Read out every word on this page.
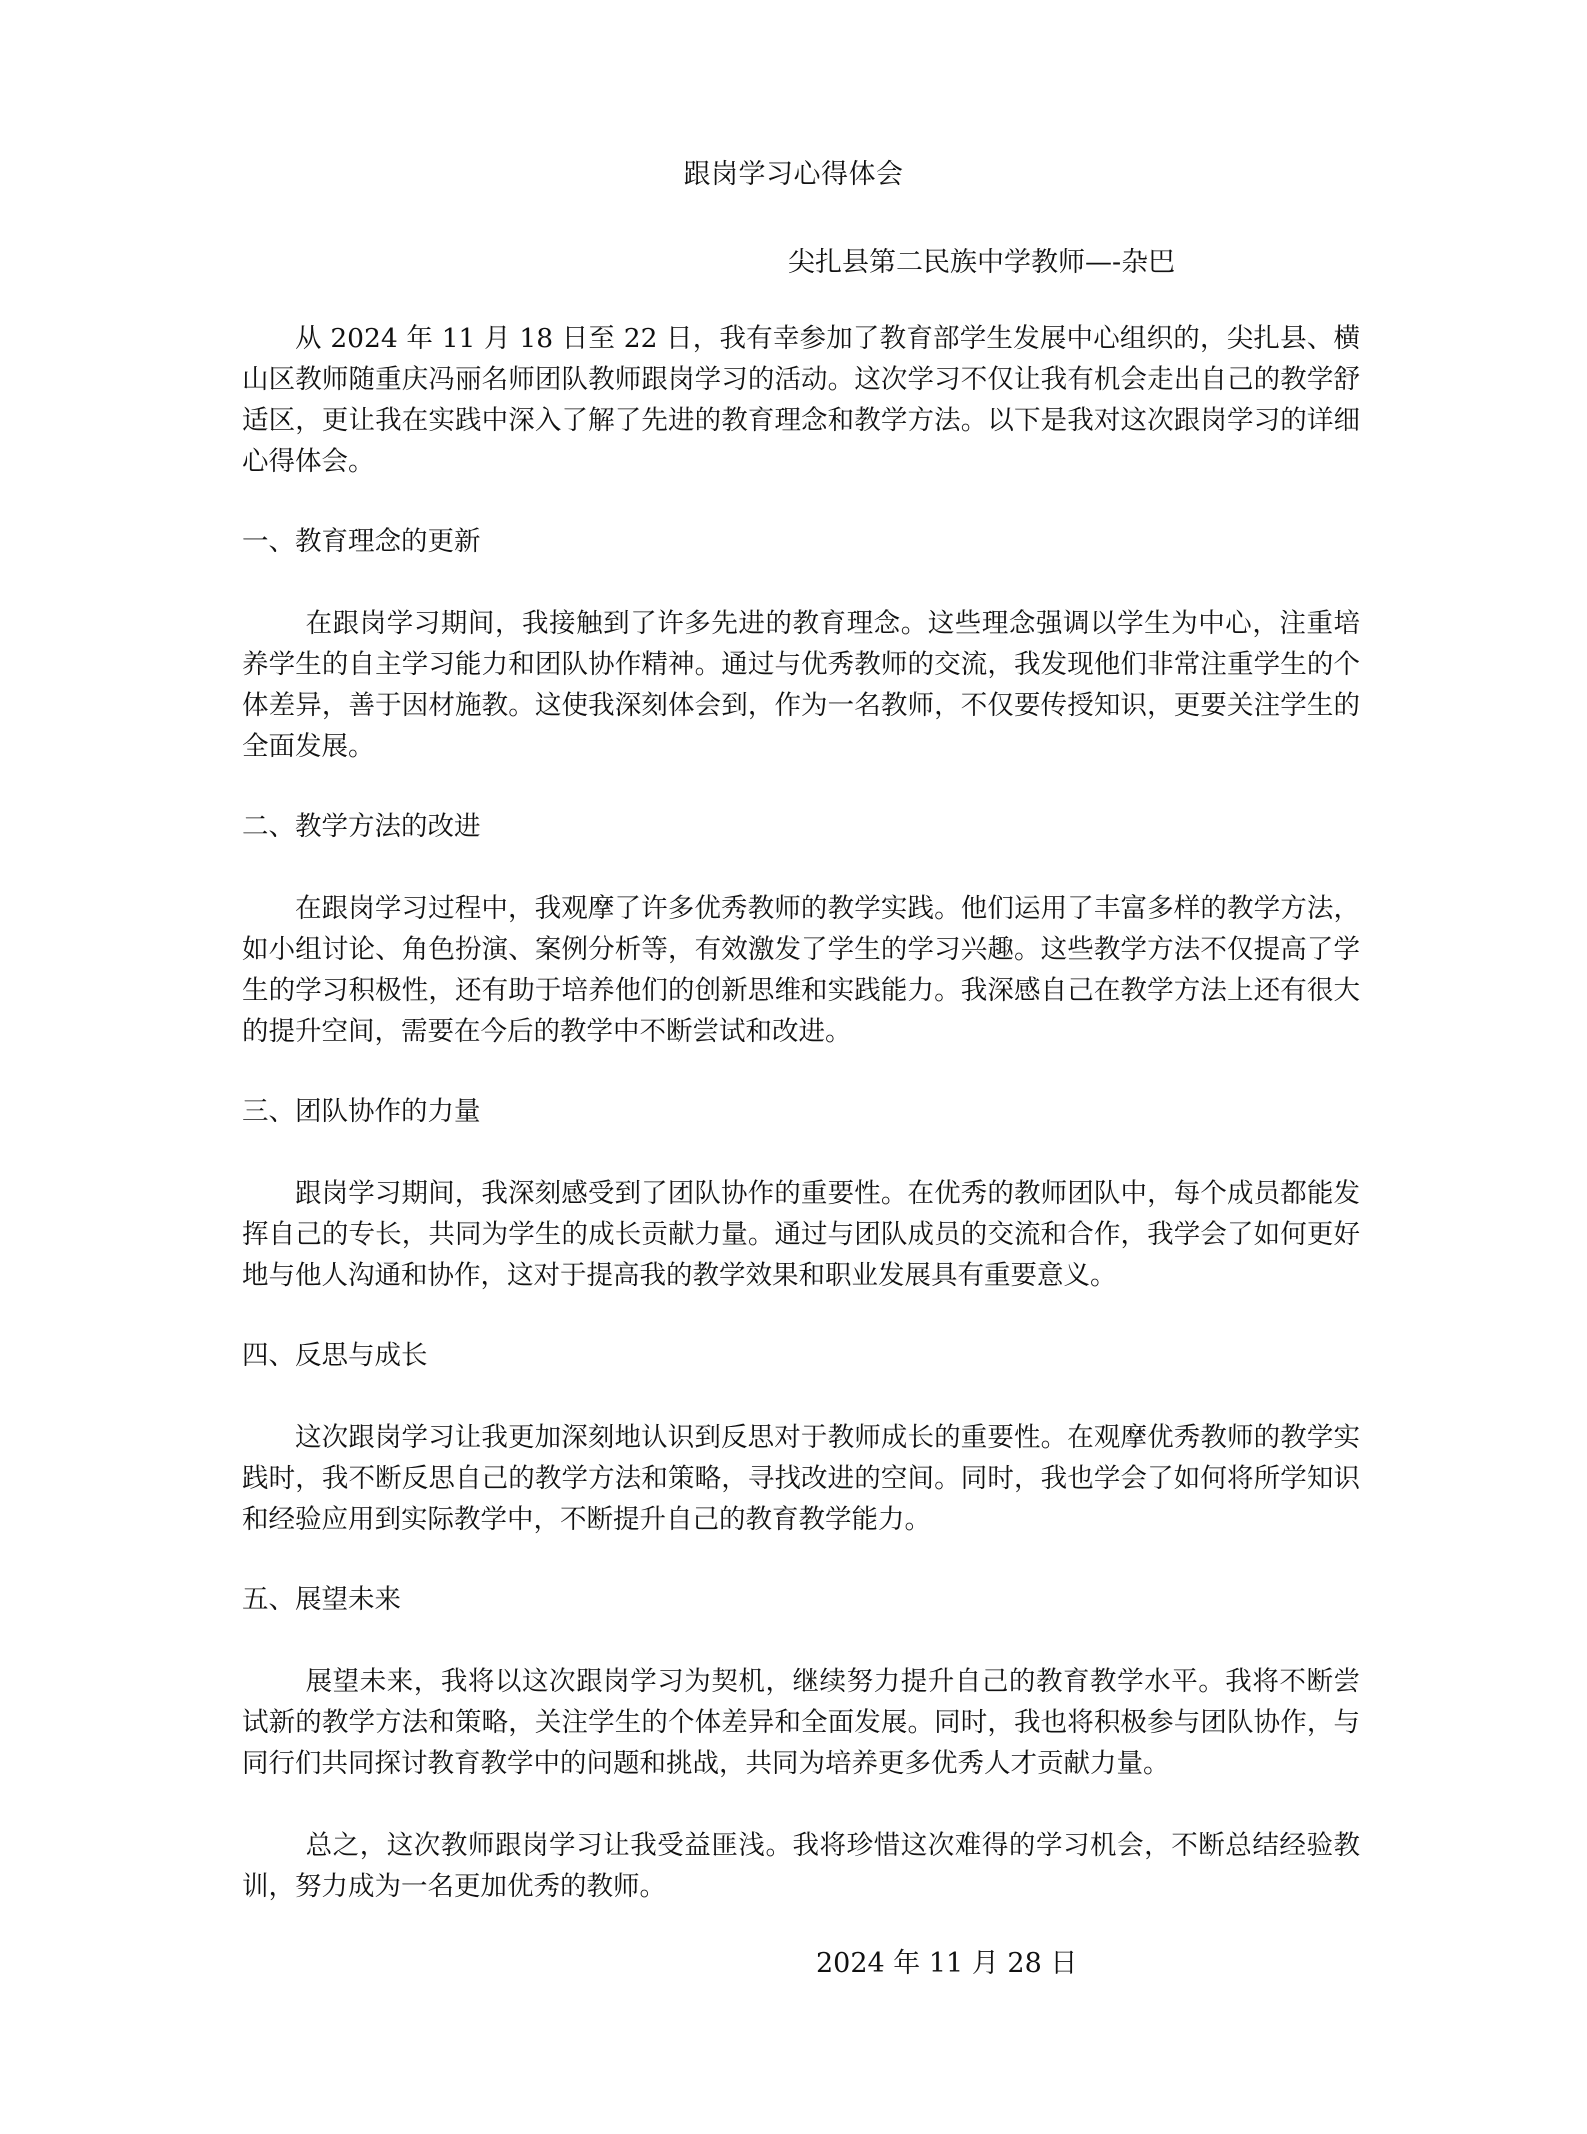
跟岗学习心得体会
尖扎县第二民族中学教师—-杂巴

从 2024 年 11 月 18 日至 22 日，我有幸参加了教育部学生发展中心组织的，尖扎县、横山区教师随重庆冯丽名师团队教师跟岗学习的活动。这次学习不仅让我有机会走出自己的教学舒适区，更让我在实践中深入了解了先进的教育理念和教学方法。以下是我对这次跟岗学习的详细心得体会。

一、教育理念的更新

在跟岗学习期间，我接触到了许多先进的教育理念。这些理念强调以学生为中心，注重培养学生的自主学习能力和团队协作精神。通过与优秀教师的交流，我发现他们非常注重学生的个体差异，善于因材施教。这使我深刻体会到，作为一名教师，不仅要传授知识，更要关注学生的全面发展。

二、教学方法的改进

在跟岗学习过程中，我观摩了许多优秀教师的教学实践。他们运用了丰富多样的教学方法，如小组讨论、角色扮演、案例分析等，有效激发了学生的学习兴趣。这些教学方法不仅提高了学生的学习积极性，还有助于培养他们的创新思维和实践能力。我深感自己在教学方法上还有很大的提升空间，需要在今后的教学中不断尝试和改进。

三、团队协作的力量

跟岗学习期间，我深刻感受到了团队协作的重要性。在优秀的教师团队中，每个成员都能发挥自己的专长，共同为学生的成长贡献力量。通过与团队成员的交流和合作，我学会了如何更好地与他人沟通和协作，这对于提高我的教学效果和职业发展具有重要意义。

四、反思与成长

这次跟岗学习让我更加深刻地认识到反思对于教师成长的重要性。在观摩优秀教师的教学实践时，我不断反思自己的教学方法和策略，寻找改进的空间。同时，我也学会了如何将所学知识和经验应用到实际教学中，不断提升自己的教育教学能力。

五、展望未来

展望未来，我将以这次跟岗学习为契机，继续努力提升自己的教育教学水平。我将不断尝试新的教学方法和策略，关注学生的个体差异和全面发展。同时，我也将积极参与团队协作，与同行们共同探讨教育教学中的问题和挑战，共同为培养更多优秀人才贡献力量。

总之，这次教师跟岗学习让我受益匪浅。我将珍惜这次难得的学习机会，不断总结经验教训，努力成为一名更加优秀的教师。

2024 年 11 月 28 日
